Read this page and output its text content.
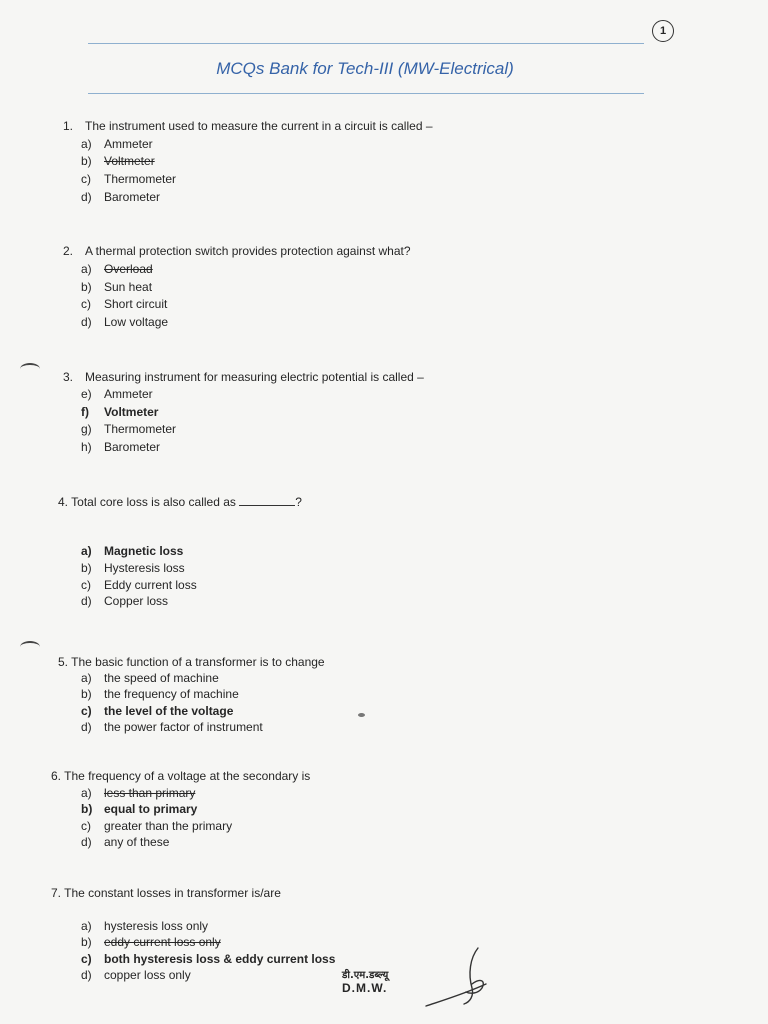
1
MCQs Bank for Tech-III (MW-Electrical)
1. The instrument used to measure the current in a circuit is called –
a) Ammeter
b) Voltmeter
c) Thermometer
d) Barometer
2. A thermal protection switch provides protection against what?
a) Overload
b) Sun heat
c) Short circuit
d) Low voltage
3. Measuring instrument for measuring electric potential is called –
e) Ammeter
f) Voltmeter
g) Thermometer
h) Barometer
4. Total core loss is also called as	?
a) Magnetic loss
b) Hysteresis loss
c) Eddy current loss
d) Copper loss
5. The basic function of a transformer is to change
a) the speed of machine
b) the frequency of machine
c) the level of the voltage
d) the power factor of instrument
6. The frequency of a voltage at the secondary is
a) less than primary
b) equal to primary
c) greater than the primary
d) any of these
7. The constant losses in transformer is/are
a) hysteresis loss only
b) eddy current loss only
c) both hysteresis loss & eddy current loss
d) copper loss only	डी.एम.डब्ल्यू
D.M.W.
